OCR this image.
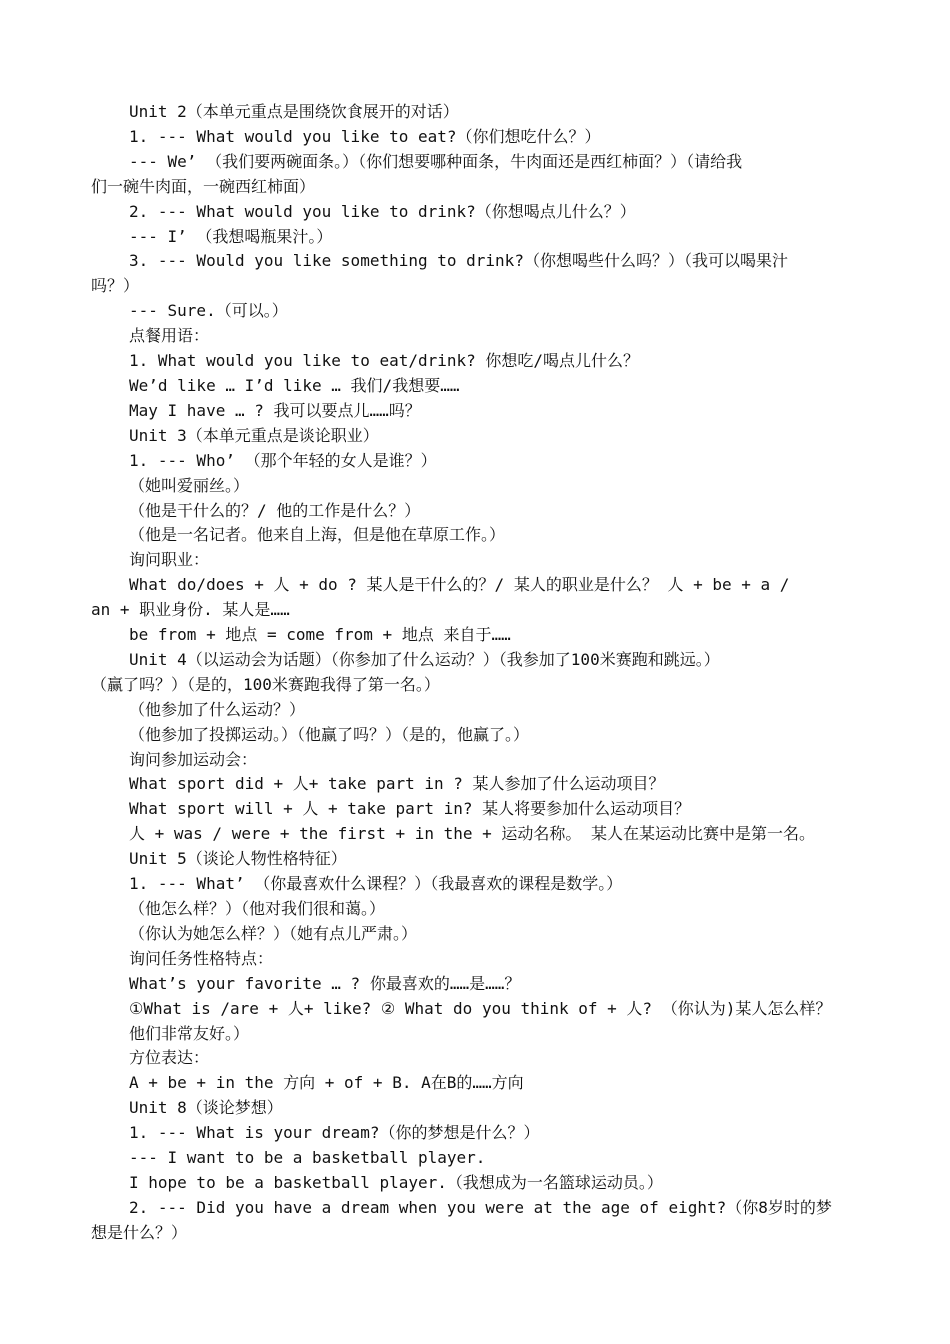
Unit 2（本单元重点是围绕饮食展开的对话）
1. --- What would you like to eat?（你们想吃什么？）
--- We’ （我们要两碗面条。）（你们想要哪种面条，牛肉面还是西红柿面？）（请给我
们一碗牛肉面，一碗西红柿面）
2. --- What would you like to drink?（你想喝点儿什么？）
--- I’ （我想喝瓶果汁。）
3. --- Would you like something to drink?（你想喝些什么吗？）（我可以喝果汁
吗？）
--- Sure.（可以。）
点餐用语：
1. What would you like to eat/drink? 你想吃/喝点儿什么？
We’d like … I’d like … 我们/我想要……
May I have … ? 我可以要点儿……吗？
Unit 3（本单元重点是谈论职业）
1. --- Who’ （那个年轻的女人是谁？）
（她叫爱丽丝。）
（他是干什么的？/ 他的工作是什么？）
（他是一名记者。他来自上海，但是他在草原工作。）
询问职业：
What do/does + 人 + do ? 某人是干什么的？/ 某人的职业是什么？ 人 + be + a /
an + 职业身份. 某人是……
be from + 地点 = come from + 地点 来自于……
Unit 4（以运动会为话题）（你参加了什么运动？）（我参加了100米赛跑和跳远。）
（赢了吗？）（是的，100米赛跑我得了第一名。）
（他参加了什么运动？）
（他参加了投掷运动。）（他赢了吗？）（是的，他赢了。）
询问参加运动会：
What sport did + 人+ take part in ? 某人参加了什么运动项目？
What sport will + 人 + take part in? 某人将要参加什么运动项目？
人 + was / were + the first + in the + 运动名称。 某人在某运动比赛中是第一名。
Unit 5（谈论人物性格特征）
1. --- What’ （你最喜欢什么课程？）（我最喜欢的课程是数学。）
（他怎么样？）（他对我们很和蔼。）
（你认为她怎么样？）（她有点儿严肃。）
询问任务性格特点：
What’s your favorite … ? 你最喜欢的……是……？
①What is /are + 人+ like? ② What do you think of + 人? （你认为)某人怎么样？
他们非常友好。）
方位表达：
A + be + in the 方向 + of + B. A在B的……方向
Unit 8（谈论梦想）
1. --- What is your dream?（你的梦想是什么？）
--- I want to be a basketball player.
I hope to be a basketball player.（我想成为一名篮球运动员。）
2. --- Did you have a dream when you were at the age of eight?（你8岁时的梦
想是什么？）
